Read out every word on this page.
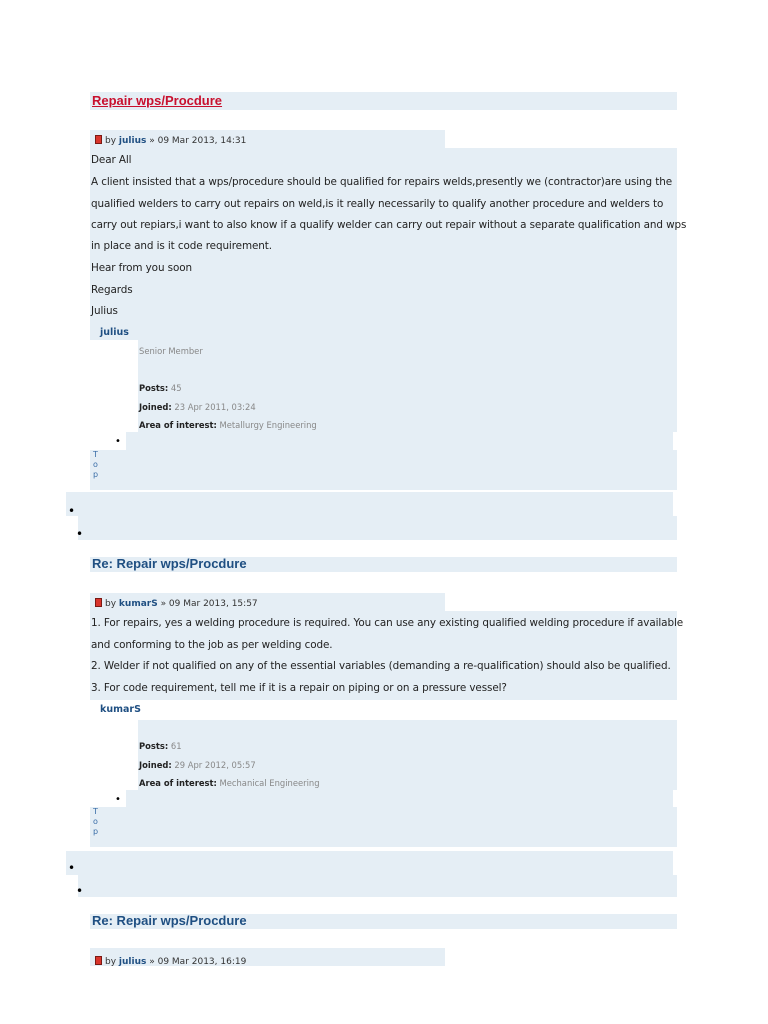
Repair wps/Procdure
by julius » 09 Mar 2013, 14:31
Dear All
A client insisted that a wps/procedure should be qualified for repairs welds,presently we (contractor)are using the
qualified welders to carry out repairs on weld,is it really necessarily to qualify another procedure and welders to
carry out repiars,i want to also know if a qualify welder can carry out repair without a separate qualification and wps
in place and is it code requirement.
Hear from you soon
Regards
Julius
julius
Senior Member
Posts: 45
Joined: 23 Apr 2011, 03:24
Area of interest: Metallurgy Engineering
•
T
o
p
•
•
Re: Repair wps/Procdure
by kumarS » 09 Mar 2013, 15:57
1. For repairs, yes a welding procedure is required. You can use any existing qualified welding procedure if available
and conforming to the job as per welding code.
2. Welder if not qualified on any of the essential variables (demanding a re-qualification) should also be qualified.
3. For code requirement, tell me if it is a repair on piping or on a pressure vessel?
kumarS
Posts: 61
Joined: 29 Apr 2012, 05:57
Area of interest: Mechanical Engineering
•
T
o
p
•
•
Re: Repair wps/Procdure
by julius » 09 Mar 2013, 16:19
